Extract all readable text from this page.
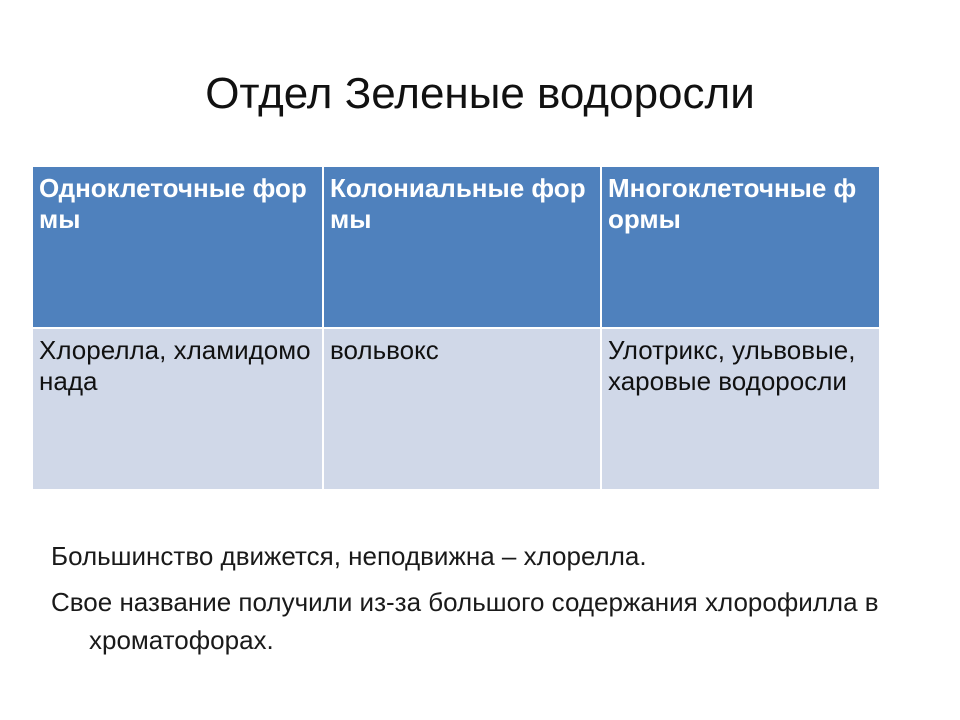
Отдел Зеленые водоросли
Одноклеточные формы	Колониальные формы	Многоклеточные формы
Хлорелла, хламидомонада	вольвокс	Улотрикс, ульвовые, харовые водоросли
Большинство движется, неподвижна – хлорелла.
Свое название получили из-за большого содержания хлорофилла в хроматофорах.
